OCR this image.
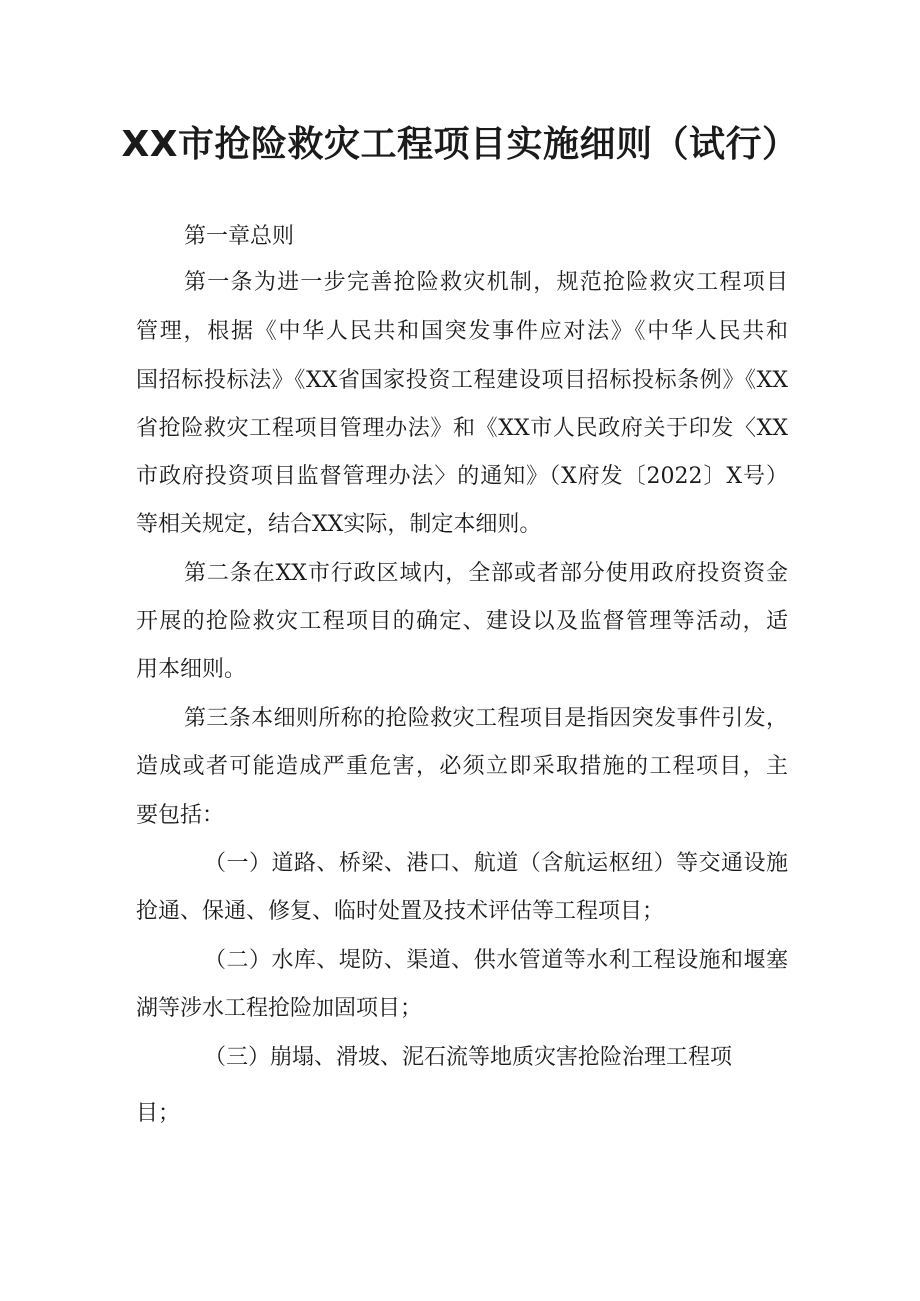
XX市抢险救灾工程项目实施细则（试行）

第一章总则

第一条为进一步完善抢险救灾机制，规范抢险救灾工程项目

管理，根据《中华人民共和国突发事件应对法》《中华人民共和

国招标投标法》《XX省国家投资工程建设项目招标投标条例》《XX

省抢险救灾工程项目管理办法》和《XX市人民政府关于印发〈XX

市政府投资项目监督管理办法〉的通知》（X府发〔2022〕X号）

等相关规定，结合XX实际，制定本细则。

第二条在XX市行政区域内，全部或者部分使用政府投资资金

开展的抢险救灾工程项目的确定、建设以及监督管理等活动，适

用本细则。

第三条本细则所称的抢险救灾工程项目是指因突发事件引发，

造成或者可能造成严重危害，必须立即采取措施的工程项目，主

要包括：

（一）道路、桥梁、港口、航道（含航运枢纽）等交通设施

抢通、保通、修复、临时处置及技术评估等工程项目；

（二）水库、堤防、渠道、供水管道等水利工程设施和堰塞

湖等涉水工程抢险加固项目；

（三）崩塌、滑坡、泥石流等地质灾害抢险治理工程项

目；
